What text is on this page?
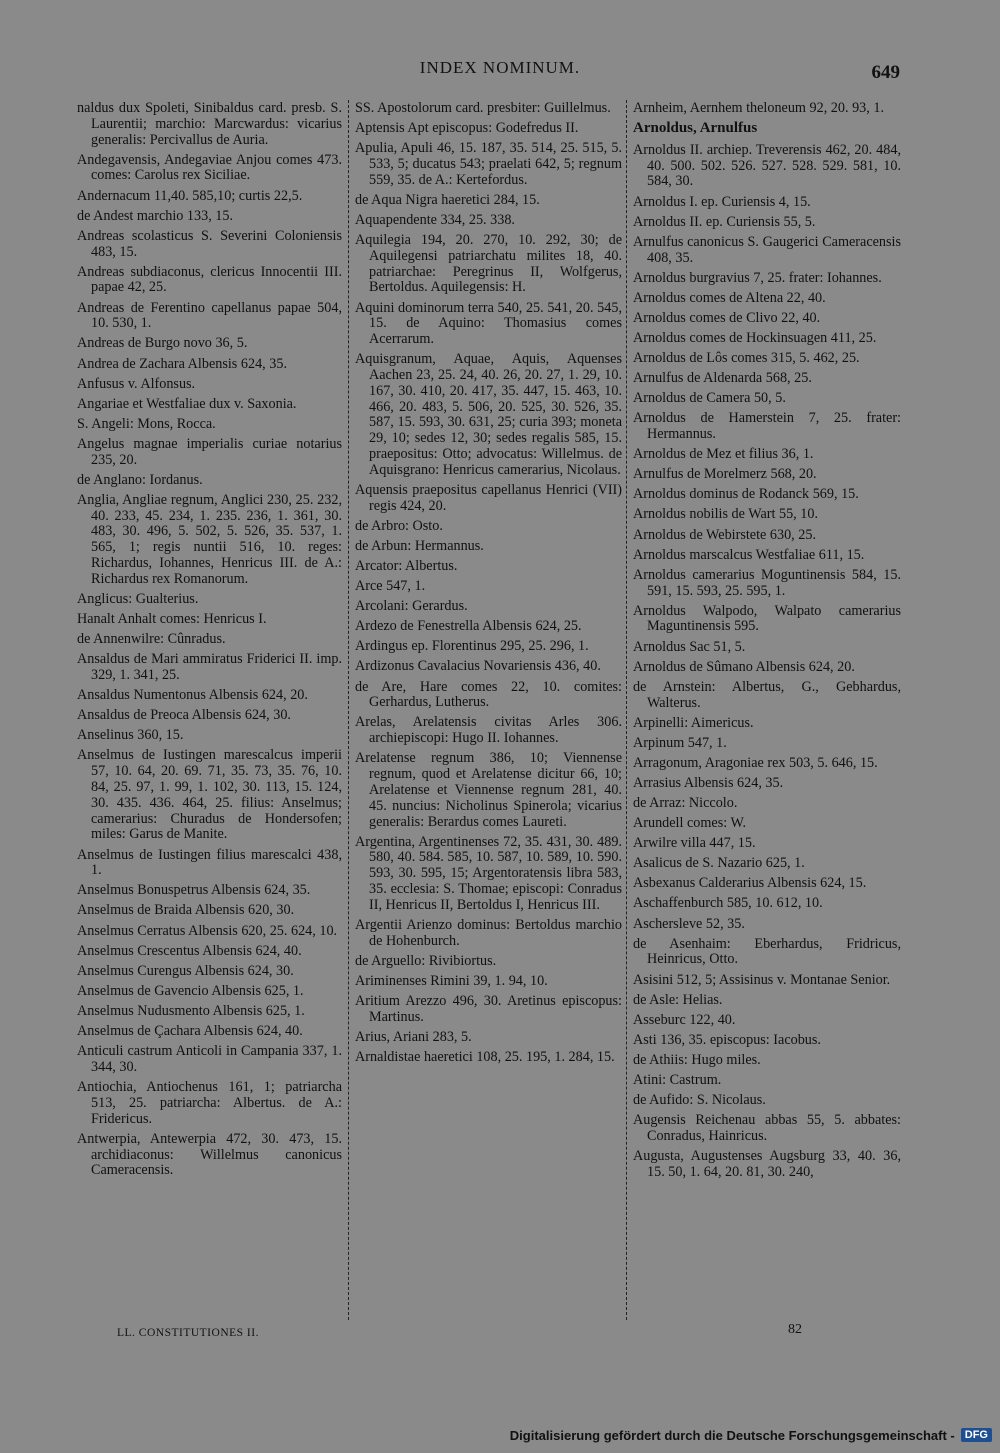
INDEX NOMINUM.	649
naldus dux Spoleti, Sinibaldus card. presb. S. Laurentii; marchio: Marcwardus: vicarius generalis: Percivallus de Auria.
Andegavensis, Andegaviae Anjou comes 473. comes: Carolus rex Siciliae.
Andernacum 11,40. 585,10; curtis 22,5.
de Andest marchio 133, 15.
Andreas scolasticus S. Severini Coloniensis 483, 15.
Andreas subdiaconus, clericus Innocentii III. papae 42, 25.
Andreas de Ferentino capellanus papae 504, 10. 530, 1.
Andreas de Burgo novo 36, 5.
Andrea de Zachara Albensis 624, 35.
Anfusus v. Alfonsus.
Angariae et Westfaliae dux v. Saxonia.
S. Angeli: Mons, Rocca.
Angelus magnae imperialis curiae notarius 235, 20.
de Anglano: Iordanus.
Anglia, Angliae regnum, Anglici 230, 25. 232, 40. 233, 45. 234, 1. 235. 236, 1. 361, 30. 483, 30. 496, 5. 502, 5. 526, 35. 537, 1. 565, 1; regis nuntii 516, 10. reges: Richardus, Iohannes, Henricus III. de A.: Richardus rex Romanorum.
Anglicus: Gualterius.
Hanalt Anhalt comes: Henricus I.
de Annenwilre: Cûnradus.
Ansaldus de Mari ammiratus Friderici II. imp. 329, 1. 341, 25.
Ansaldus Numentonus Albensis 624, 20.
Ansaldus de Preoca Albensis 624, 30.
Anselinus 360, 15.
Anselmus de Iustingen marescalcus imperii 57, 10. 64, 20. 69. 71, 35. 73, 35. 76, 10. 84, 25. 97, 1. 99, 1. 102, 30. 113, 15. 124, 30. 435. 436. 464, 25. filius: Anselmus; camerarius: Churadus de Hondersofen; miles: Garus de Manite.
Anselmus de Iustingen filius marescalci 438, 1.
Anselmus Bonuspetrus Albensis 624, 35.
Anselmus de Braida Albensis 620, 30.
Anselmus Cerratus Albensis 620, 25. 624, 10.
Anselmus Crescentus Albensis 624, 40.
Anselmus Curengus Albensis 624, 30.
Anselmus de Gavencio Albensis 625, 1.
Anselmus Nudusmento Albensis 625, 1.
Anselmus de Çachara Albensis 624, 40.
Anticuli castrum Anticoli in Campania 337, 1. 344, 30.
Antiochia, Antiochenus 161, 1; patriarcha 513, 25. patriarcha: Albertus. de A.: Fridericus.
Antwerpia, Antewerpia 472, 30. 473, 15. archidiaconus: Willelmus canonicus Cameracensis.
SS. Apostolorum card. presbiter: Guillelmus.
Aptensis Apt episcopus: Godefredus II.
Apulia, Apuli 46, 15. 187, 35. 514, 25. 515, 5. 533, 5; ducatus 543; praelati 642, 5; regnum 559, 35. de A.: Kertefordus.
de Aqua Nigra haeretici 284, 15.
Aquapendente 334, 25. 338.
Aquilegia 194, 20. 270, 10. 292, 30; de Aquilegensi patriarchatu milites 18, 40. patriarchae: Peregrinus II, Wolfgerus, Bertoldus. Aquilegensis: H.
Aquini dominorum terra 540, 25. 541, 20. 545, 15. de Aquino: Thomasius comes Acerrarum.
Aquisgranum, Aquae, Aquis, Aquenses Aachen 23, 25. 24, 40. 26, 20. 27, 1. 29, 10. 167, 30. 410, 20. 417, 35. 447, 15. 463, 10. 466, 20. 483, 5. 506, 20. 525, 30. 526, 35. 587, 15. 593, 30. 631, 25; curia 393; moneta 29, 10; sedes 12, 30; sedes regalis 585, 15. praepositus: Otto; advocatus: Willelmus. de Aquisgrano: Henricus camerarius, Nicolaus.
Aquensis praepositus capellanus Henrici (VII) regis 424, 20.
de Arbro: Osto.
de Arbun: Hermannus.
Arcator: Albertus.
Arce 547, 1.
Arcolani: Gerardus.
Ardezo de Fenestrella Albensis 624, 25.
Ardingus ep. Florentinus 295, 25. 296, 1.
Ardizonus Cavalacius Novariensis 436, 40.
de Are, Hare comes 22, 10. comites: Gerhardus, Lutherus.
Arelas, Arelatensis civitas Arles 306. archiepiscopi: Hugo II. Iohannes.
Arelatense regnum 386, 10; Viennense regnum, quod et Arelatense dicitur 66, 10; Arelatense et Viennense regnum 281, 40. 45. nuncius: Nicholinus Spinerola; vicarius generalis: Berardus comes Laureti.
Argentina, Argentinenses 72, 35. 431, 30. 489. 580, 40. 584. 585, 10. 587, 10. 589, 10. 590. 593, 30. 595, 15; Argentoratensis libra 583, 35. ecclesia: S. Thomae; episcopi: Conradus II, Henricus II, Bertoldus I, Henricus III.
Argentii Arienzo dominus: Bertoldus marchio de Hohenburch.
de Arguello: Rivibiortus.
Ariminenses Rimini 39, 1. 94, 10.
Aritium Arezzo 496, 30. Aretinus episcopus: Martinus.
Arius, Ariani 283, 5.
Arnaldistae haeretici 108, 25. 195, 1. 284, 15.
Arnheim, Aernhem theloneum 92, 20. 93, 1.
Arnoldus, Arnulfus
Arnoldus II. archiep. Treverensis 462, 20. 484, 40. 500. 502. 526. 527. 528. 529. 581, 10. 584, 30.
Arnoldus I. ep. Curiensis 4, 15.
Arnoldus II. ep. Curiensis 55, 5.
Arnulfus canonicus S. Gaugerici Cameracensis 408, 35.
Arnoldus burgravius 7, 25. frater: Iohannes.
Arnoldus comes de Altena 22, 40.
Arnoldus comes de Clivo 22, 40.
Arnoldus comes de Hockinsuagen 411, 25.
Arnoldus de Lôs comes 315, 5. 462, 25.
Arnulfus de Aldenarda 568, 25.
Arnoldus de Camera 50, 5.
Arnoldus de Hamerstein 7, 25. frater: Hermannus.
Arnoldus de Mez et filius 36, 1.
Arnulfus de Morelmerz 568, 20.
Arnoldus dominus de Rodanck 569, 15.
Arnoldus nobilis de Wart 55, 10.
Arnoldus de Webirstete 630, 25.
Arnoldus marscalcus Westfaliae 611, 15.
Arnoldus camerarius Moguntinensis 584, 15. 591, 15. 593, 25. 595, 1.
Arnoldus Walpodo, Walpato camerarius Maguntinensis 595.
Arnoldus Sac 51, 5.
Arnoldus de Sûmano Albensis 624, 20.
de Arnstein: Albertus, G., Gebhardus, Walterus.
Arpinelli: Aimericus.
Arpinum 547, 1.
Arragonum, Aragoniae rex 503, 5. 646, 15.
Arrasius Albensis 624, 35.
de Arraz: Niccolo.
Arundell comes: W.
Arwilre villa 447, 15.
Asalicus de S. Nazario 625, 1.
Asbexanus Calderarius Albensis 624, 15.
Aschaffenburch 585, 10. 612, 10.
Aschersleve 52, 35.
de Asenhaim: Eberhardus, Fridricus, Heinricus, Otto.
Asisini 512, 5; Assisinus v. Montanae Senior.
de Asle: Helias.
Asseburc 122, 40.
Asti 136, 35. episcopus: Iacobus.
de Athiis: Hugo miles.
Atini: Castrum.
de Aufido: S. Nicolaus.
Augensis Reichenau abbas 55, 5. abbates: Conradus, Hainricus.
Augusta, Augustenses Augsburg 33, 40. 36, 15. 50, 1. 64, 20. 81, 30. 240,
LL. CONSTITUTIONES II.	82
Digitalisierung gefördert durch die Deutsche Forschungsgemeinschaft - DFG
